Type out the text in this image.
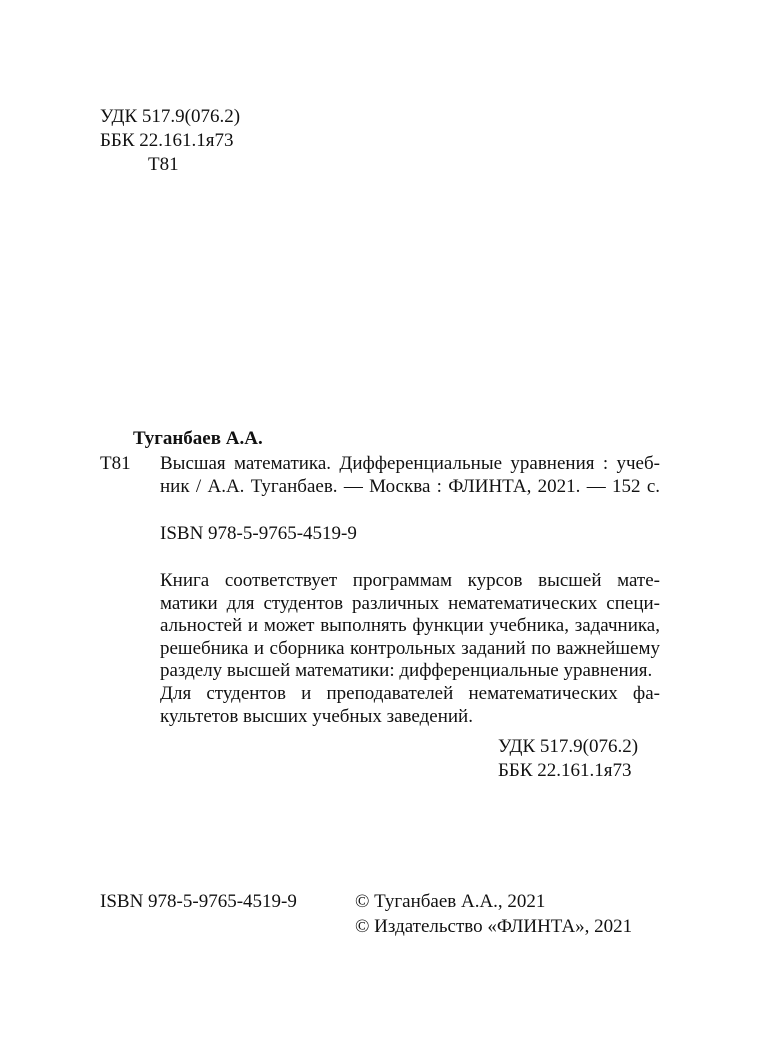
УДК 517.9(076.2)
ББК 22.161.1я73
Т81
Туганбаев А.А.
Т81 Высшая математика. Дифференциальные уравнения : учеб-
ник / А.А. Туганбаев. — Москва : ФЛИНТА, 2021. — 152 с.
ISBN 978-5-9765-4519-9
Книга соответствует программам курсов высшей мате-
матики для студентов различных нематематических специ-
альностей и может выполнять функции учебника, задачника,
решебника и сборника контрольных заданий по важнейшему
разделу высшей математики: дифференциальные уравнения.
Для студентов и преподавателей нематематических фа-
культетов высших учебных заведений.
УДК 517.9(076.2)
ББК 22.161.1я73
ISBN 978-5-9765-4519-9	© Туганбаев А.А., 2021
© Издательство «ФЛИНТА», 2021
